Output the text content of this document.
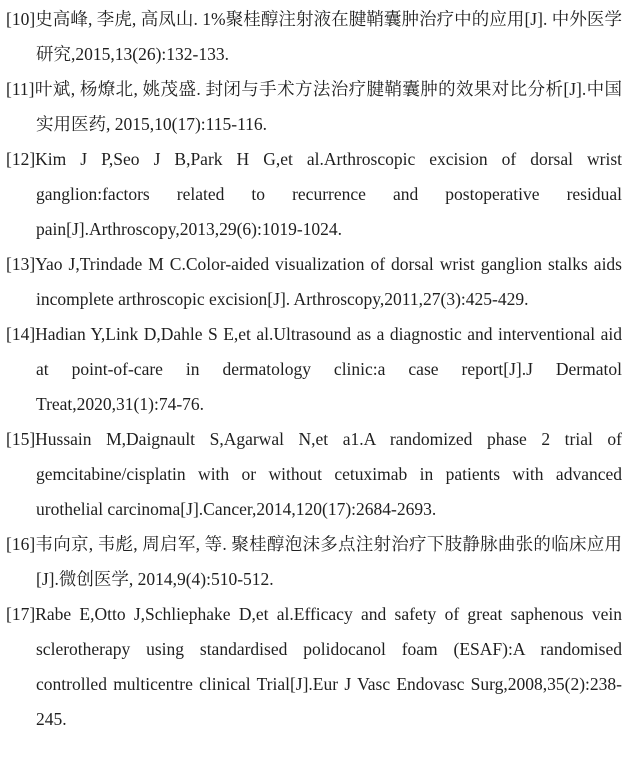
[10]史高峰, 李虎, 高凤山. 1%聚桂醇注射液在腱鞘囊肿治疗中的应用[J]. 中外医学研究,2015,13(26):132-133.
[11]叶斌, 杨燎北, 姚茂盛. 封闭与手术方法治疗腱鞘囊肿的效果对比分析[J].中国实用医药, 2015,10(17):115-116.
[12]Kim J P,Seo J B,Park H G,et al.Arthroscopic excision of dorsal wrist ganglion:factors related to recurrence and postoperative residual pain[J].Arthroscopy,2013,29(6):1019-1024.
[13]Yao J,Trindade M C.Color-aided visualization of dorsal wrist ganglion stalks aids incomplete arthroscopic excision[J]. Arthroscopy,2011,27(3):425-429.
[14]Hadian Y,Link D,Dahle S E,et al.Ultrasound as a diagnostic and interventional aid at point-of-care in dermatology clinic:a case report[J].J Dermatol Treat,2020,31(1):74-76.
[15]Hussain M,Daignault S,Agarwal N,et a1.A randomized phase 2 trial of gemcitabine/cisplatin with or without cetuximab in patients with advanced urothelial carcinoma[J].Cancer,2014,120(17):2684-2693.
[16]韦向京, 韦彪, 周启军, 等. 聚桂醇泡沫多点注射治疗下肢静脉曲张的临床应用[J].微创医学, 2014,9(4):510-512.
[17]Rabe E,Otto J,Schliephake D,et al.Efficacy and safety of great saphenous vein sclerotherapy using standardised polidocanol foam (ESAF):A randomised controlled multicentre clinical Trial[J].Eur J Vasc Endovasc Surg,2008,35(2):238-245.
